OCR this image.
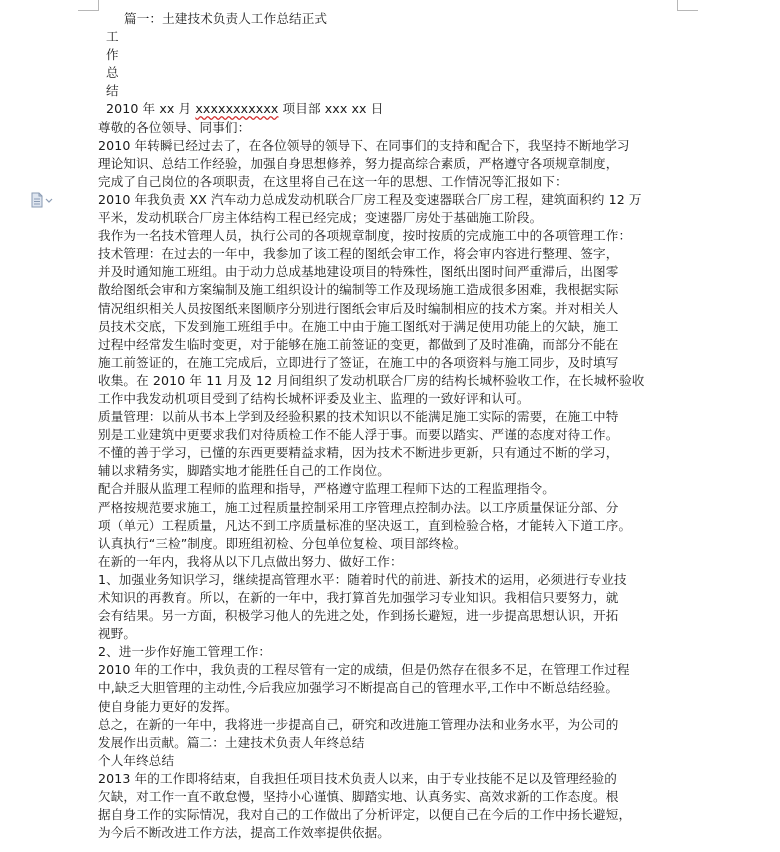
篇一：土建技术负责人工作总结正式
工
作
总
结
2010 年 xx 月 xxxxxxxxxxx 项目部 xxx xx 日
尊敬的各位领导、同事们：
2010 年转瞬已经过去了，在各位领导的领导下、在同事们的支持和配合下，我坚持不断地学习
理论知识、总结工作经验，加强自身思想修养，努力提高综合素质，严格遵守各项规章制度，
完成了自己岗位的各项职责，在这里将自己在这一年的思想、工作情况等汇报如下：
2010 年我负责 XX 汽车动力总成发动机联合厂房工程及变速器联合厂房工程，建筑面积约 12 万
平米，发动机联合厂房主体结构工程已经完成；变速器厂房处于基础施工阶段。
我作为一名技术管理人员，执行公司的各项规章制度，按时按质的完成施工中的各项管理工作：
技术管理：在过去的一年中，我参加了该工程的图纸会审工作，将会审内容进行整理、签字，
并及时通知施工班组。由于动力总成基地建设项目的特殊性，图纸出图时间严重滞后，出图零
散给图纸会审和方案编制及施工组织设计的编制等工作及现场施工造成很多困难，我根据实际
情况组织相关人员按图纸来图顺序分别进行图纸会审后及时编制相应的技术方案。并对相关人
员技术交底，下发到施工班组手中。在施工中由于施工图纸对于满足使用功能上的欠缺，施工
过程中经常发生临时变更，对于能够在施工前签证的变更，都做到了及时准确，而部分不能在
施工前签证的，在施工完成后，立即进行了签证，在施工中的各项资料与施工同步，及时填写
收集。在 2010 年 11 月及 12 月间组织了发动机联合厂房的结构长城杯验收工作，在长城杯验收
工作中我发动机项目受到了结构长城杯评委及业主、监理的一致好评和认可。
质量管理：以前从书本上学到及经验积累的技术知识以不能满足施工实际的需要，在施工中特
别是工业建筑中更要求我们对待质检工作不能人浮于事。而要以踏实、严谨的态度对待工作。
不懂的善于学习，已懂的东西更要精益求精，因为技术不断进步更新，只有通过不断的学习，
辅以求精务实，脚踏实地才能胜任自己的工作岗位。
配合并服从监理工程师的监理和指导，严格遵守监理工程师下达的工程监理指令。
严格按规范要求施工，施工过程质量控制采用工序管理点控制办法。以工序质量保证分部、分
项（单元）工程质量，凡达不到工序质量标准的坚决返工，直到检验合格，才能转入下道工序。
认真执行“三检”制度。即班组初检、分包单位复检、项目部终检。
在新的一年内，我将从以下几点做出努力、做好工作：
1、加强业务知识学习，继续提高管理水平：随着时代的前进、新技术的运用，必须进行专业技
术知识的再教育。所以，在新的一年中，我打算首先加强学习专业知识。我相信只要努力，就
会有结果。另一方面，积极学习他人的先进之处，作到扬长避短，进一步提高思想认识，开拓
视野。
2、进一步作好施工管理工作：
2010 年的工作中，我负责的工程尽管有一定的成绩，但是仍然存在很多不足，在管理工作过程
中,缺乏大胆管理的主动性,今后我应加强学习不断提高自己的管理水平,工作中不断总结经验。
使自身能力更好的发挥。
总之，在新的一年中，我将进一步提高自己，研究和改进施工管理办法和业务水平，为公司的
发展作出贡献。篇二：土建技术负责人年终总结
个人年终总结
2013 年的工作即将结束，自我担任项目技术负责人以来，由于专业技能不足以及管理经验的
欠缺，对工作一直不敢怠慢，坚持小心谨慎、脚踏实地、认真务实、高效求新的工作态度。根
据自身工作的实际情况，我对自己的工作做出了分析评定，以便自己在今后的工作中扬长避短，
为今后不断改进工作方法，提高工作效率提供依据。
